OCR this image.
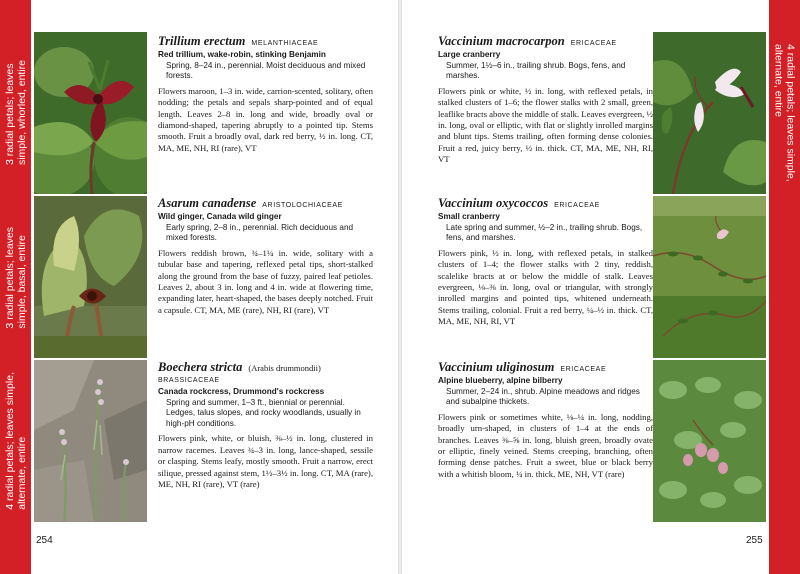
3 radial petals; leaves
simple, whorled, entire
3 radial petals; leaves
simple, basal, entire
4 radial petals; leaves simple,
alternate, entire
Trillium erectum MELANTHIACEAE
Red trillium, wake-robin, stinking Benjamin
Spring, 8–24 in., perennial. Moist deciduous and mixed forests.
Flowers maroon, 1–3 in. wide, carrion-scented, solitary, often nodding; the petals and sepals sharp-pointed and of equal length. Leaves 2–8 in. long and wide, broadly oval or diamond-shaped, tapering abruptly to a pointed tip. Stems smooth. Fruit a broadly oval, dark red berry, ½ in. long. CT, MA, ME, NH, RI (rare), VT
Asarum canadense ARISTOLOCHIACEAE
Wild ginger, Canada wild ginger
Early spring, 2–8 in., perennial. Rich deciduous and mixed forests.
Flowers reddish brown, ¾–1¼ in. wide, solitary with a tubular base and tapering, reflexed petal tips, short-stalked along the ground from the base of fuzzy, paired leaf petioles. Leaves 2, about 3 in. long and 4 in. wide at flowering time, expanding later, heart-shaped, the bases deeply notched. Fruit a capsule. CT, MA, ME (rare), NH, RI (rare), VT
Boechera stricta (Arabis drummondii)
BRASSICACEAE
Canada rockcress, Drummond's rockcress
Spring and summer, 1–3 ft., biennial or perennial. Ledges, talus slopes, and rocky woodlands, usually in high-pH conditions.
Flowers pink, white, or bluish, ⅜–½ in. long, clustered in narrow racemes. Leaves ¾–3 in. long, lance-shaped, sessile or clasping. Stems leafy, mostly smooth. Fruit a narrow, erect silique, pressed against stem, 1½–3½ in. long. CT, MA (rare), ME, NH, RI (rare), VT (rare)
254
4 radial petals; leaves simple,
alternate, entire
Vaccinium macrocarpon ERICACEAE
Large cranberry
Summer, 1½–6 in., trailing shrub. Bogs, fens, and marshes.
Flowers pink or white, ½ in. long, with reflexed petals, in stalked clusters of 1–6; the flower stalks with 2 small, green, leaflike bracts above the middle of stalk. Leaves evergreen, ½ in. long, oval or elliptic, with flat or slightly inrolled margins and blunt tips. Stems trailing, often forming dense colonies. Fruit a red, juicy berry, ½ in. thick. CT, MA, ME, NH, RI, VT
Vaccinium oxycoccos ERICACEAE
Small cranberry
Late spring and summer, ½–2 in., trailing shrub. Bogs, fens, and marshes.
Flowers pink, ½ in. long, with reflexed petals, in stalked clusters of 1–4; the flower stalks with 2 tiny, reddish, scalelike bracts at or below the middle of stalk. Leaves evergreen, ⅛–⅜ in. long, oval or triangular, with strongly inrolled margins and pointed tips, whitened underneath. Stems trailing, colonial. Fruit a red berry, ¼–½ in. thick. CT, MA, ME, NH, RI, VT
Vaccinium uliginosum ERICACEAE
Alpine blueberry, alpine bilberry
Summer, 2–24 in., shrub. Alpine meadows and ridges and subalpine thickets.
Flowers pink or sometimes white, ⅛–¼ in. long, nodding, broadly urn-shaped, in clusters of 1–4 at the ends of branches. Leaves ⅜–⅝ in. long, bluish green, broadly ovate or elliptic, finely veined. Stems creeping, branching, often forming dense patches. Fruit a sweet, blue or black berry with a whitish bloom, ¼ in. thick. ME, NH, VT (rare)
255
